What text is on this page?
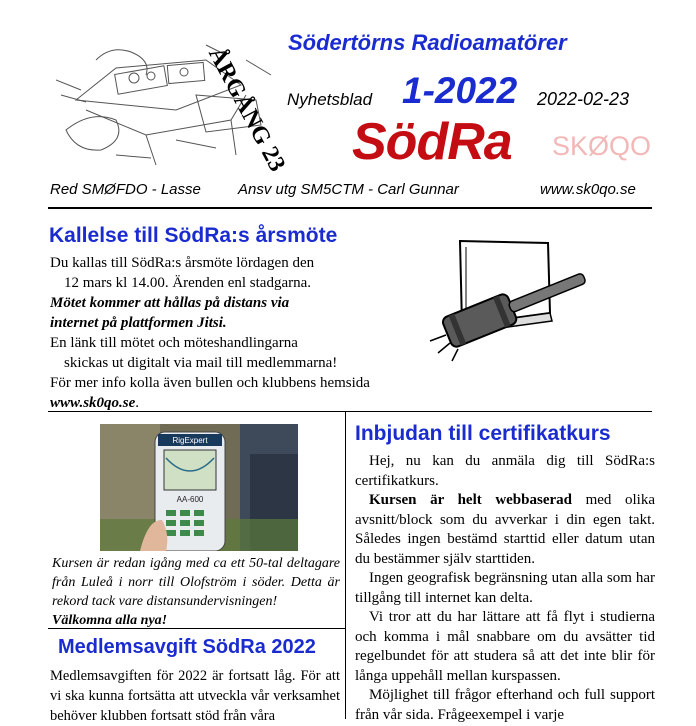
ÅRGÅNG 23
Södertörns Radioamatörer
Nyhetsblad 1-2022 2022-02-23
SödRa SKØQO
Red SMØFDO - Lasse Ansv utg SM5CTM - Carl Gunnar	www.sk0qo.se
Kallelse till SödRa:s årsmöte
Du kallas till SödRa:s årsmöte lördagen den
12 mars kl 14.00. Ärenden enl stadgarna.
Mötet kommer att hållas på distans via
internet på plattformen Jitsi.
En länk till mötet och möteshandlingarna
skickas ut digitalt via mail till medlemmarna!
För mer info kolla även bullen och klubbens hemsida
www.sk0qo.se.
RigExpert
AA-600
Kursen är redan igång med ca ett 50-tal deltagare från Luleå i norr till Olofström i söder. Detta är rekord tack vare distansundervisningen!
Välkomna alla nya!
Medlemsavgift SödRa 2022

Medlemsavgiften för 2022 är fortsatt låg. För att vi ska kunna fortsätta att utveckla vår verksamhet behöver klubben fortsatt stöd från våra

Inbjudan till certifikatkurs

Hej, nu kan du anmäla dig till SödRa:s certifikatkurs.

Kursen är helt webbaserad med olika avsnitt/block som du avverkar i din egen takt. Således ingen bestämd starttid eller datum utan du bestämmer själv starttiden.

Ingen geografisk begränsning utan alla som har tillgång till internet kan delta.

Vi tror att du har lättare att få flyt i studierna och komma i mål snabbare om du avsätter tid regelbundet för att studera så att det inte blir för långa uppehåll mellan kurspassen.

Möjlighet till frågor efterhand och full support från vår sida. Frågeexempel i varje
